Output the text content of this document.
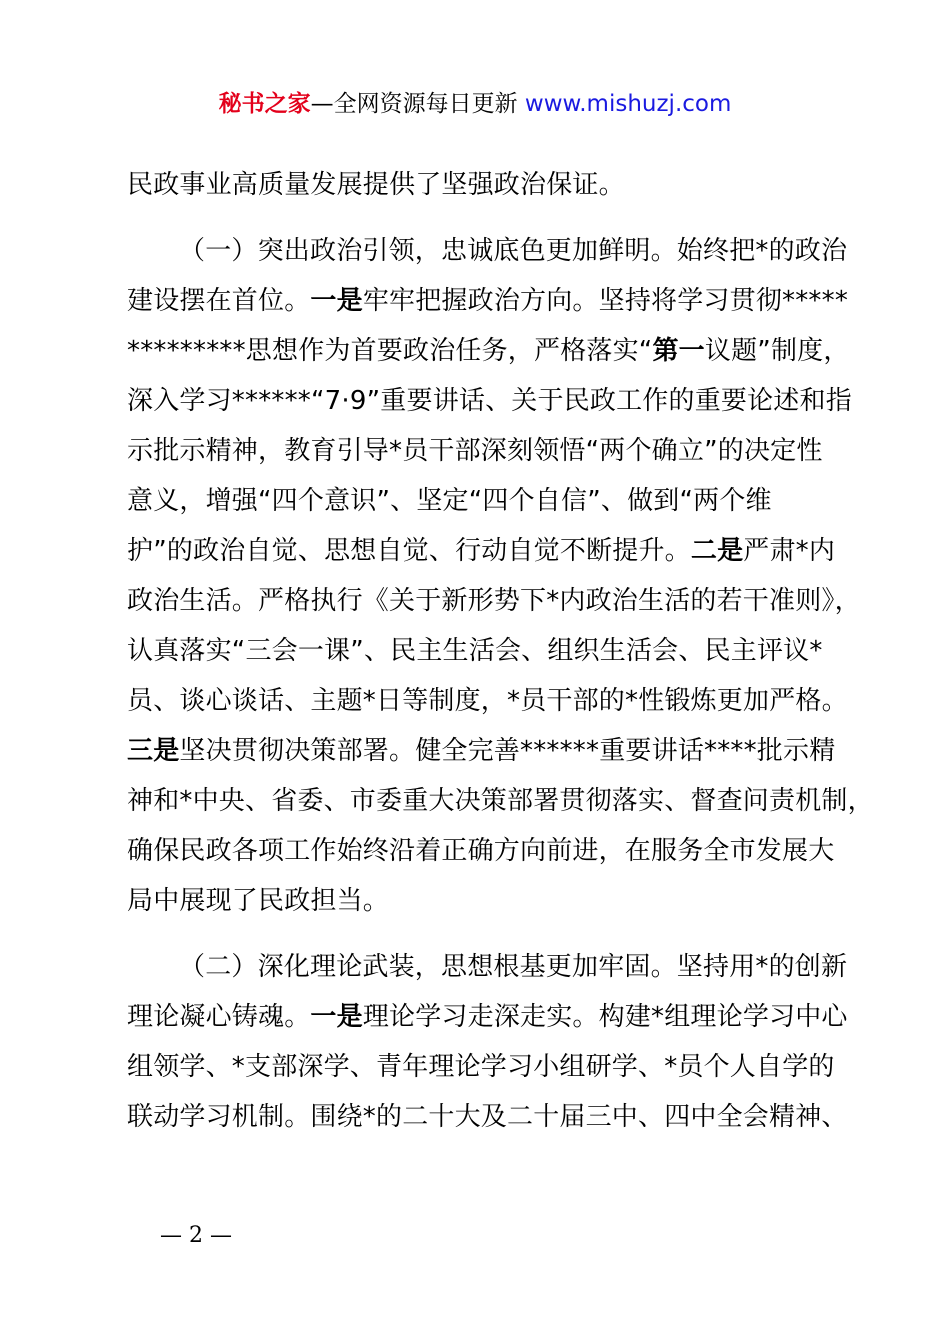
秘书之家—全网资源每日更新 www.mishuzj.com
民政事业高质量发展提供了坚强政治保证。
（一）突出政治引领，忠诚底色更加鲜明。始终把*的政治
建设摆在首位。一是牢牢把握政治方向。坚持将学习贯彻*****
*********思想作为首要政治任务，严格落实“第一议题”制度，
深入学习******“7·9”重要讲话、关于民政工作的重要论述和指
示批示精神，教育引导*员干部深刻领悟“两个确立”的决定性
意义，增强“四个意识”、坚定“四个自信”、做到“两个维
护”的政治自觉、思想自觉、行动自觉不断提升。二是严肃*内
政治生活。严格执行《关于新形势下*内政治生活的若干准则》，
认真落实“三会一课”、民主生活会、组织生活会、民主评议*
员、谈心谈话、主题*日等制度，*员干部的*性锻炼更加严格。
三是坚决贯彻决策部署。健全完善******重要讲话****批示精
神和*中央、省委、市委重大决策部署贯彻落实、督查问责机制，
确保民政各项工作始终沿着正确方向前进，在服务全市发展大
局中展现了民政担当。
（二）深化理论武装，思想根基更加牢固。坚持用*的创新
理论凝心铸魂。一是理论学习走深走实。构建*组理论学习中心
组领学、*支部深学、青年理论学习小组研学、*员个人自学的
联动学习机制。围绕*的二十大及二十届三中、四中全会精神、
— 2 —
